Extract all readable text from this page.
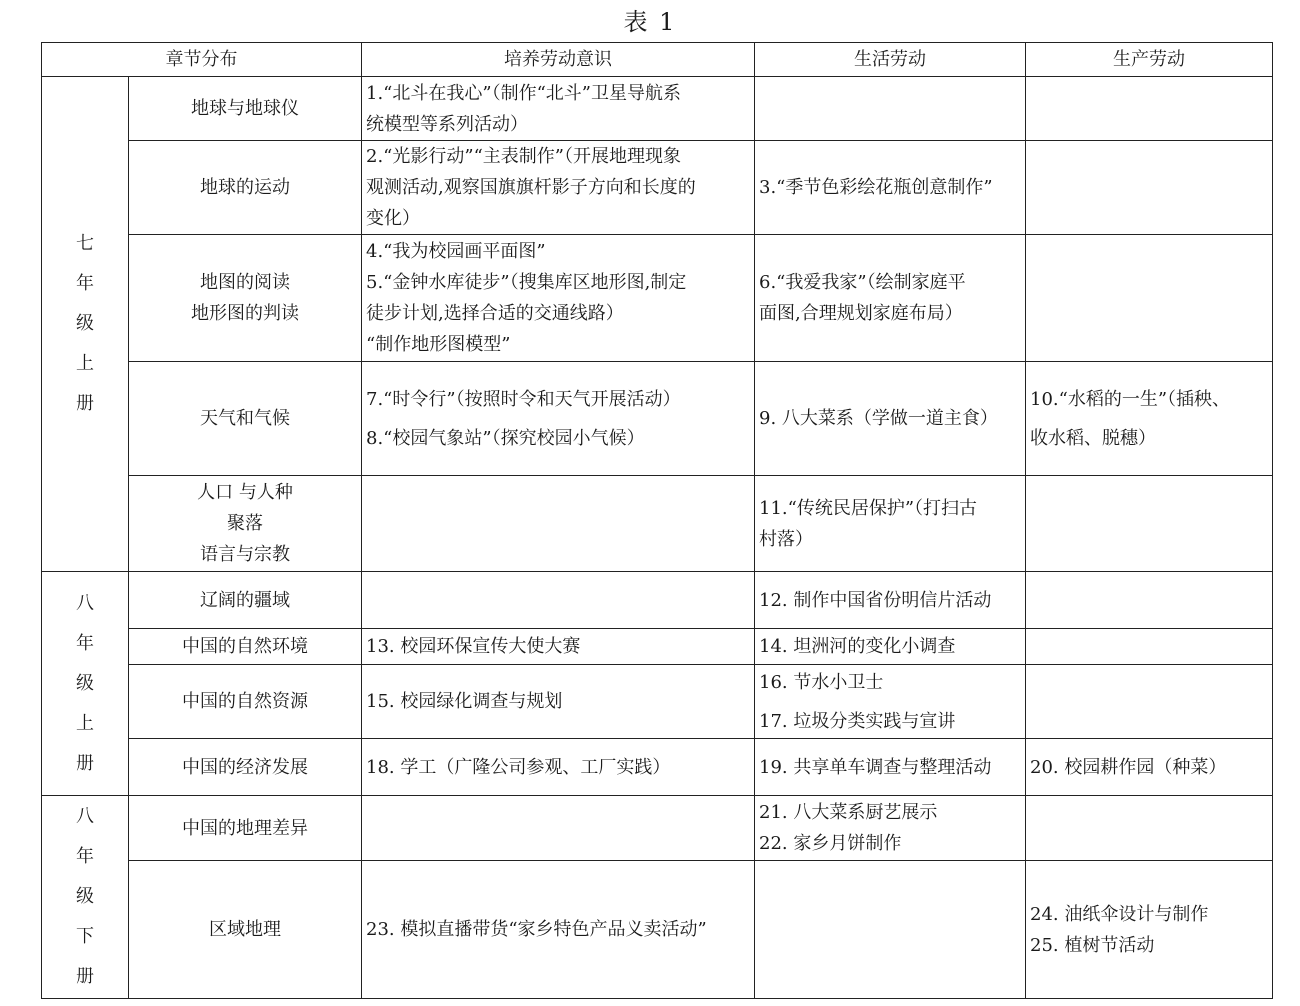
表 1
章节分布		培养劳动意识	生活劳动	生产劳动

七
年
级
上
册	地球与地球仪	1.“北斗在我心”（制作“北斗”卫星导航系
统模型等系列活动）		

	地球的运动	2.“光影行动”“主表制作”（开展地理现象
观测活动,观察国旗旗杆影子方向和长度的
变化）	3.“季节色彩绘花瓶创意制作”	

	地图的阅读
地形图的判读	4.“我为校园画平面图”
5.“金钟水库徒步”（搜集库区地形图,制定
徒步计划,选择合适的交通线路）
“制作地形图模型”	6.“我爱我家”（绘制家庭平
面图,合理规划家庭布局）	

	天气和气候	7.“时令行”（按照时令和天气开展活动）
8.“校园气象站”（探究校园小气候）	9. 八大菜系（学做一道主食）	10.“水稻的一生”（插秧、
收水稻、脱穗）

	人口 与人种
聚落
语言与宗教		11.“传统民居保护”（打扫古
村落）	

八
年
级
上
册	辽阔的疆域		12. 制作中国省份明信片活动	

	中国的自然环境	13. 校园环保宣传大使大赛	14. 坦洲河的变化小调查	

	中国的自然资源	15. 校园绿化调查与规划	16. 节水小卫士
17. 垃圾分类实践与宣讲	

	中国的经济发展	18. 学工（广隆公司参观、工厂实践）	19. 共享单车调查与整理活动	20. 校园耕作园（种菜）

八
年
级
下
册	中国的地理差异		21. 八大菜系厨艺展示
22. 家乡月饼制作	

	区域地理	23. 模拟直播带货“家乡特色产品义卖活动”		24. 油纸伞设计与制作
25. 植树节活动
